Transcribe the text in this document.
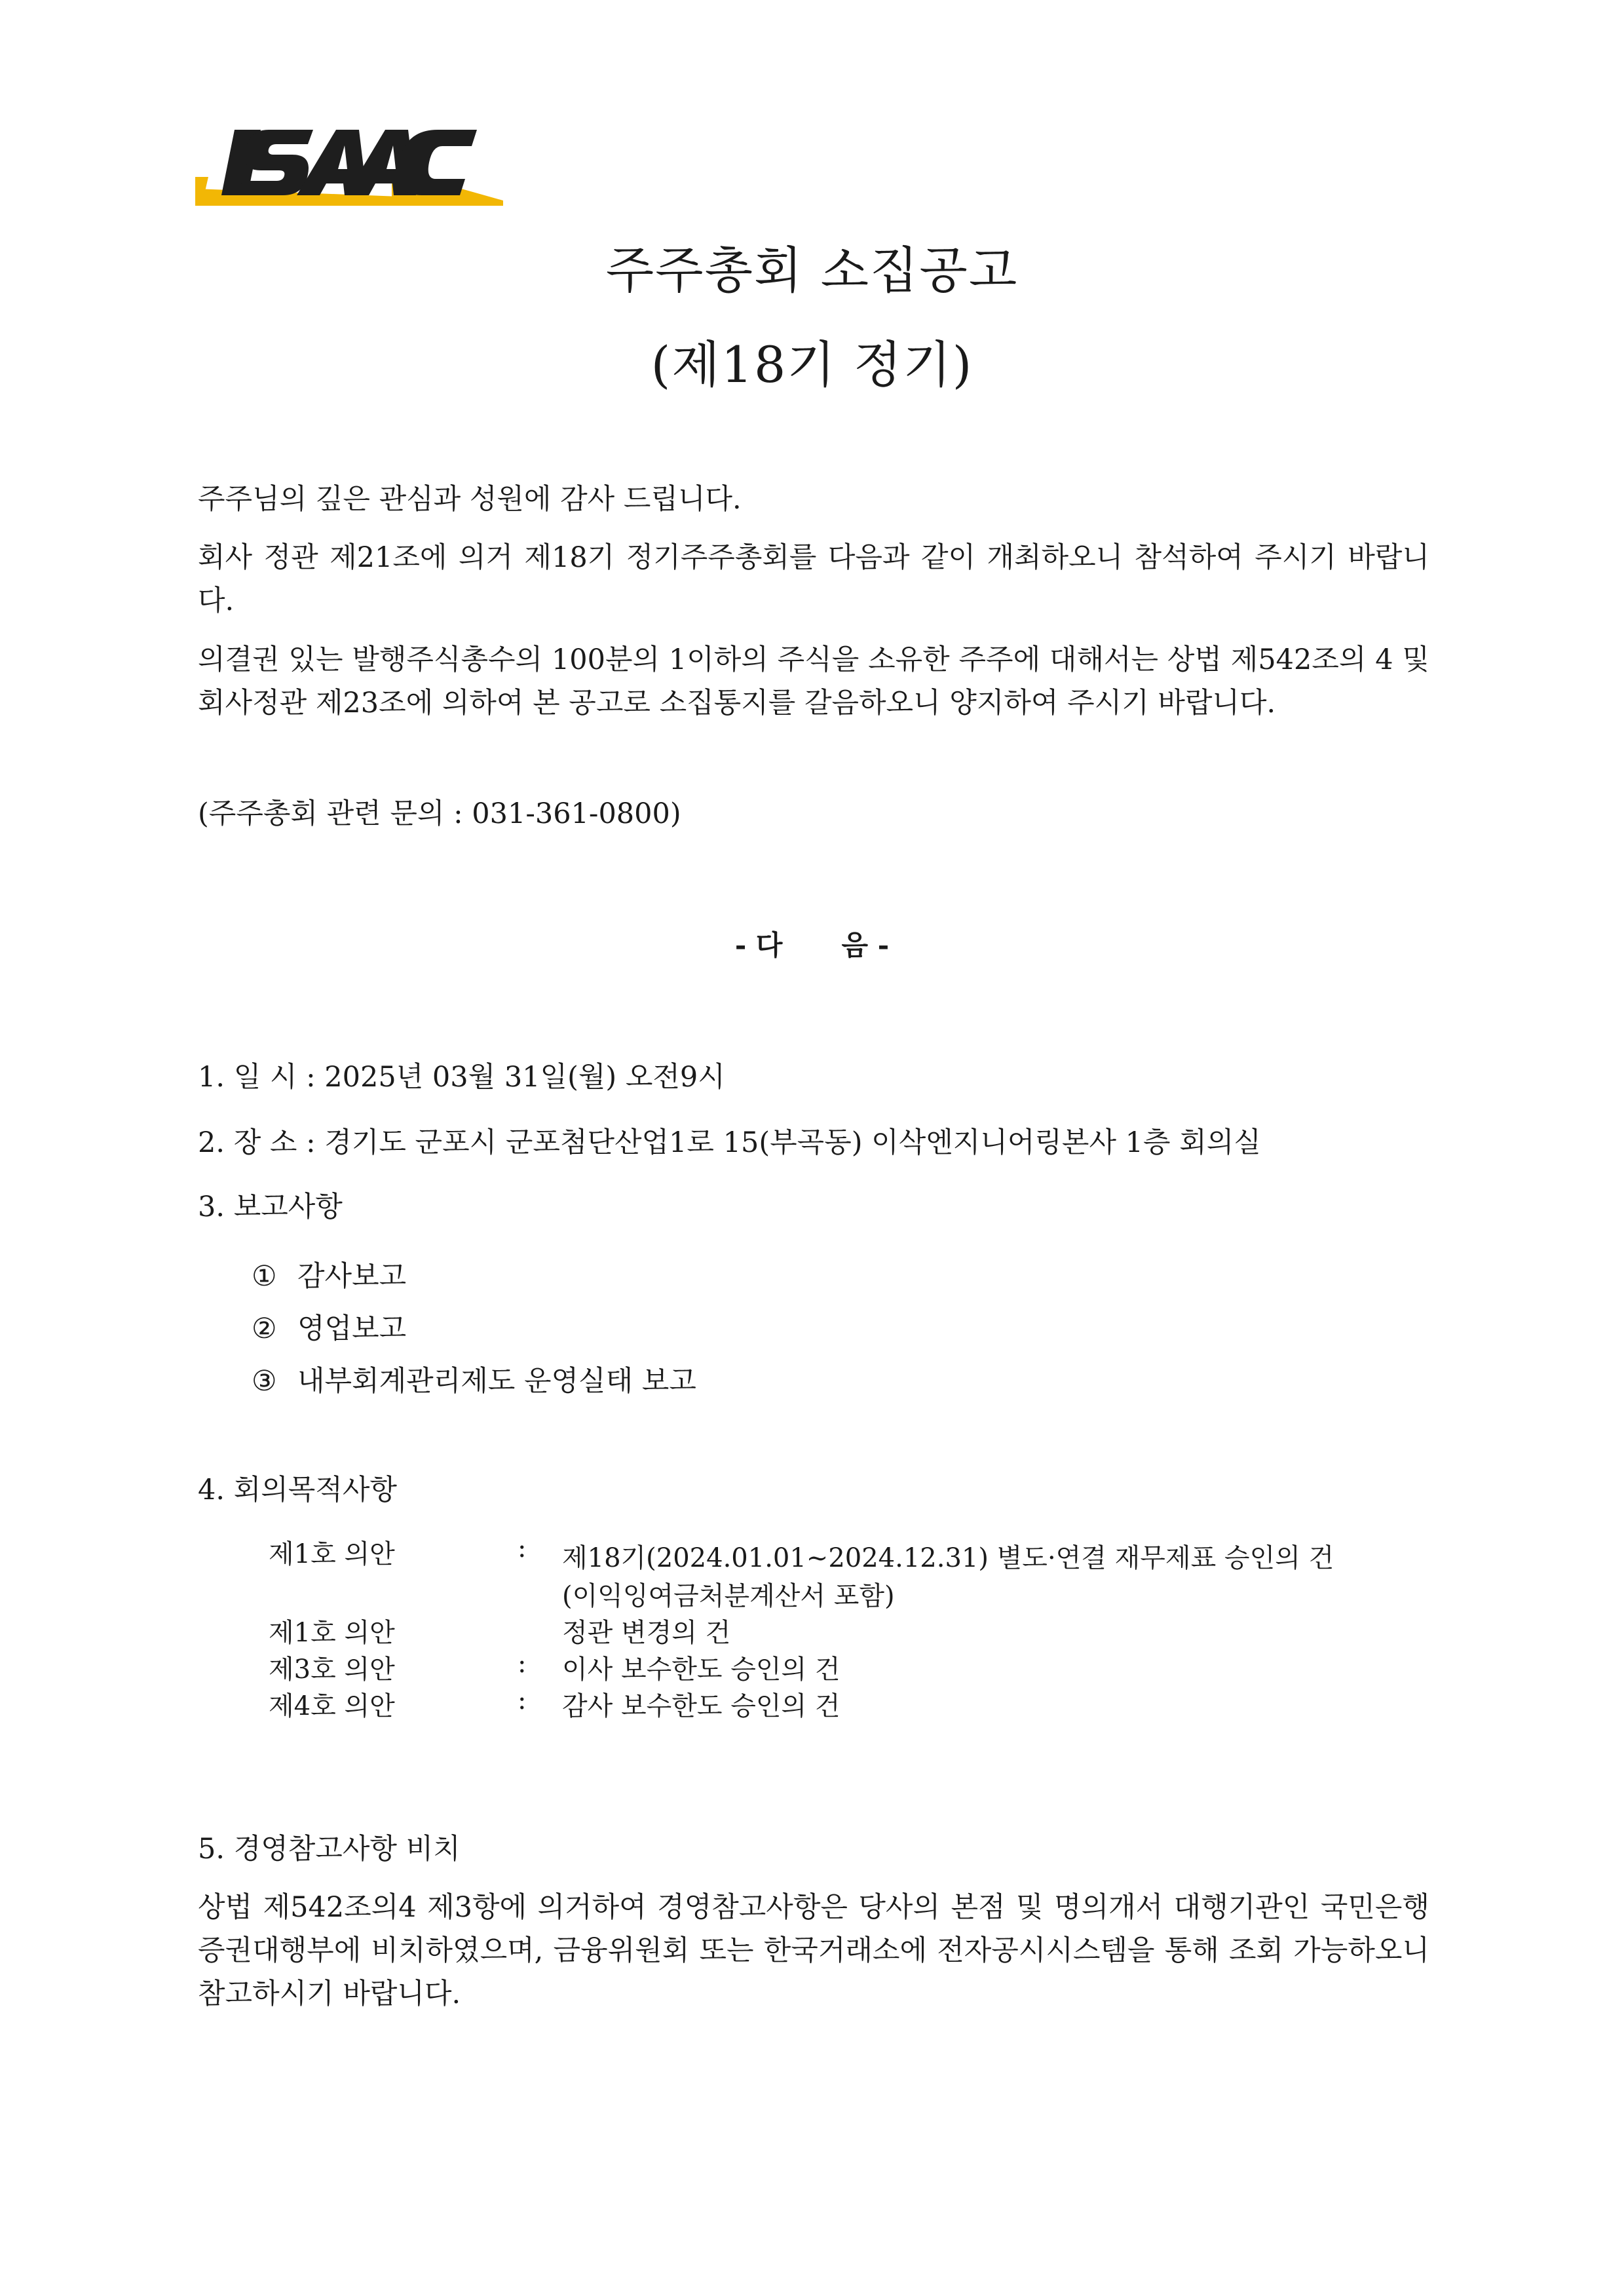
주주총회 소집공고
(제18기 정기)
주주님의 깊은 관심과 성원에 감사 드립니다.
회사 정관 제21조에 의거 제18기 정기주주총회를 다음과 같이 개최하오니 참석하여 주시기 바랍니다.
의결권 있는 발행주식총수의 100분의 1이하의 주식을 소유한 주주에 대해서는 상법 제542조의 4 및 회사정관 제23조에 의하여 본 공고로 소집통지를 갈음하오니 양지하여 주시기 바랍니다.
(주주총회 관련 문의 : 031-361-0800)
- 다 음 -
1. 일 시 : 2025년 03월 31일(월) 오전9시
2. 장 소 : 경기도 군포시 군포첨단산업1로 15(부곡동) 이삭엔지니어링본사 1층 회의실
3. 보고사항
① 감사보고
② 영업보고
③ 내부회계관리제도 운영실태 보고
4. 회의목적사항
제1호 의안	: 제18기(2024.01.01~2024.12.31) 별도·연결 재무제표 승인의 건
(이익잉여금처분계산서 포함)
제1호 의안	정관 변경의 건
제3호 의안	: 이사 보수한도 승인의 건
제4호 의안	: 감사 보수한도 승인의 건
5. 경영참고사항 비치
상법 제542조의4 제3항에 의거하여 경영참고사항은 당사의 본점 및 명의개서 대행기관인 국민은행 증권대행부에 비치하였으며, 금융위원회 또는 한국거래소에 전자공시시스템을 통해 조회 가능하오니 참고하시기 바랍니다.
